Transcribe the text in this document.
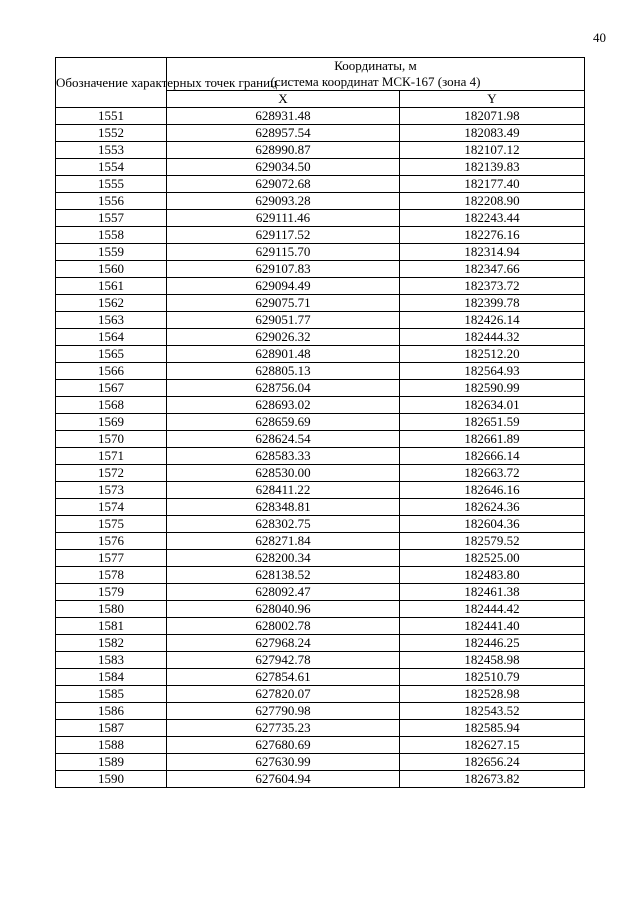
40
Обозначение характерных точек границ	Координаты, м
(система координат МСК-167 (зона 4)	
	X	Y
1551	628931.48	182071.98
1552	628957.54	182083.49
1553	628990.87	182107.12
1554	629034.50	182139.83
1555	629072.68	182177.40
1556	629093.28	182208.90
1557	629111.46	182243.44
1558	629117.52	182276.16
1559	629115.70	182314.94
1560	629107.83	182347.66
1561	629094.49	182373.72
1562	629075.71	182399.78
1563	629051.77	182426.14
1564	629026.32	182444.32
1565	628901.48	182512.20
1566	628805.13	182564.93
1567	628756.04	182590.99
1568	628693.02	182634.01
1569	628659.69	182651.59
1570	628624.54	182661.89
1571	628583.33	182666.14
1572	628530.00	182663.72
1573	628411.22	182646.16
1574	628348.81	182624.36
1575	628302.75	182604.36
1576	628271.84	182579.52
1577	628200.34	182525.00
1578	628138.52	182483.80
1579	628092.47	182461.38
1580	628040.96	182444.42
1581	628002.78	182441.40
1582	627968.24	182446.25
1583	627942.78	182458.98
1584	627854.61	182510.79
1585	627820.07	182528.98
1586	627790.98	182543.52
1587	627735.23	182585.94
1588	627680.69	182627.15
1589	627630.99	182656.24
1590	627604.94	182673.82
